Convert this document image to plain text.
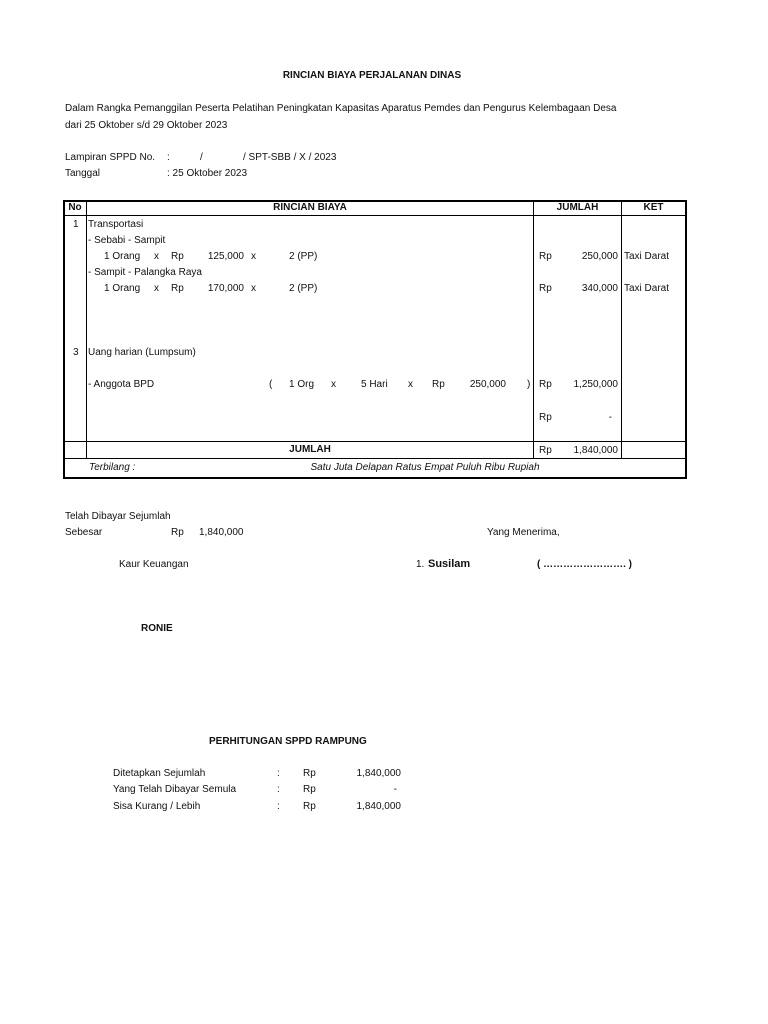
RINCIAN BIAYA PERJALANAN DINAS
Dalam Rangka Pemanggilan Peserta Pelatihan Peningkatan Kapasitas Aparatus Pemdes dan Pengurus Kelembagaan Desa
dari 25 Oktober s/d 29 Oktober 2023
Lampiran SPPD No. :	/	/ SPT-SBB / X / 2023
Tanggal	: 25 Oktober 2023
No	RINCIAN BIAYA	JUMLAH	KET
1 Transportasi
- Sebabi - Sampit
1 Orang x Rp	125,000 x	2 (PP)	Rp	250,000 Taxi Darat
- Sampit - Palangka Raya
1 Orang x Rp	170,000 x	2 (PP)	Rp	340,000 Taxi Darat
3 Uang harian (Lumpsum)
- Anggota BPD	( 1 Org x	5 Hari x Rp	250,000 ) Rp	1,250,000
Rp	-
JUMLAH	Rp	1,840,000
Terbilang :	Satu Juta Delapan Ratus Empat Puluh Ribu Rupiah
Telah Dibayar Sejumlah
Sebesar	Rp 1,840,000	Yang Menerima,
Kaur Keuangan	1. Susilam	( ……………………. )
RONIE
PERHITUNGAN SPPD RAMPUNG
Ditetapkan Sejumlah	: Rp	1,840,000
Yang Telah Dibayar Semula	: Rp	-
Sisa Kurang / Lebih	: Rp	1,840,000
